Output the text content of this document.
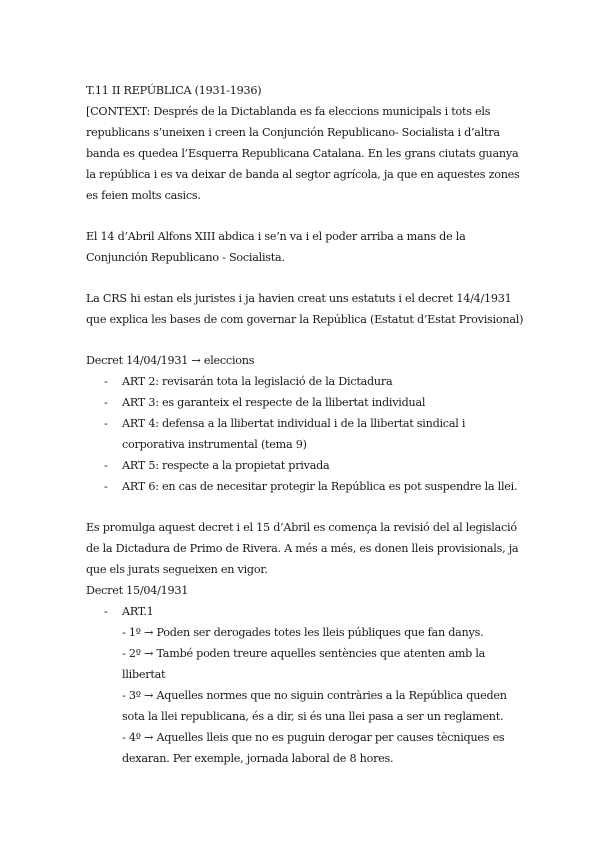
T.11 II REPÚBLICA (1931-1936)

[CONTEXT: Després de la Dictablanda es fa eleccions municipals i tots els republicans s’uneixen i creen la Conjunción Republicano- Socialista i d’altra banda es quedea l’Esquerra Republicana Catalana. En les grans ciutats guanya la república i es va deixar de banda al segtor agrícola, ja que en aquestes zones es feien molts casics.

El 14 d’Abril Alfons XIII abdica i se’n va i el poder arriba a mans de la Conjunción Republicano - Socialista.

La CRS hi estan els juristes i ja havien creat uns estatuts i el decret 14/4/1931 que explica les bases de com governar la República (Estatut d’Estat Provisional)

Decret 14/04/1931 → eleccions

- ART 2: revisarán tota la legislació de la Dictadura
- ART 3: es garanteix el respecte de la llibertat individual
- ART 4: defensa a la llibertat individual i de la llibertat sindical i corporativa instrumental (tema 9)
- ART 5: respecte a la propietat privada
- ART 6: en cas de necesitar protegir la República es pot suspendre la llei.

Es promulga aquest decret i el 15 d’Abril es comença la revisió del al legislació de la Dictadura de Primo de Rivera. A més a més, es donen lleis provisionals, ja que els jurats segueixen en vigor.

Decret 15/04/1931

- ART.1

- 1º → Poden ser derogades totes les lleis públiques que fan danys.

- 2º → També poden treure aquelles sentències que atenten amb la llibertat

- 3º → Aquelles normes que no siguin contràries a la República queden sota la llei republicana, és a dir, si és una llei pasa a ser un reglament.

- 4º → Aquelles lleis que no es puguin derogar per causes tècniques es dexaran. Per exemple, jornada laboral de 8 hores.
